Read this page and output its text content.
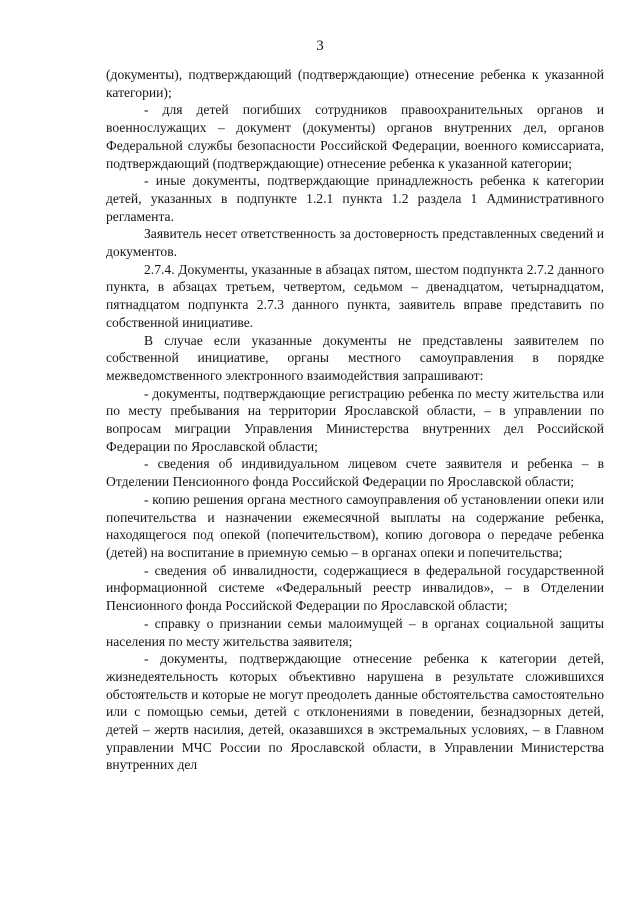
3

(документы), подтверждающий (подтверждающие) отнесение ребенка к указанной категории);

- для детей погибших сотрудников правоохранительных органов и военнослужащих – документ (документы) органов внутренних дел, органов Федеральной службы безопасности Российской Федерации, военного комиссариата, подтверждающий (подтверждающие) отнесение ребенка к указанной категории;

- иные документы, подтверждающие принадлежность ребенка к категории детей, указанных в подпункте 1.2.1 пункта 1.2 раздела 1 Административного регламента.

Заявитель несет ответственность за достоверность представленных сведений и документов.

2.7.4. Документы, указанные в абзацах пятом, шестом подпункта 2.7.2 данного пункта, в абзацах третьем, четвертом, седьмом – двенадцатом, четырнадцатом, пятнадцатом подпункта 2.7.3 данного пункта, заявитель вправе представить по собственной инициативе.

В случае если указанные документы не представлены заявителем по собственной инициативе, органы местного самоуправления в порядке межведомственного электронного взаимодействия запрашивают:

- документы, подтверждающие регистрацию ребенка по месту жительства или по месту пребывания на территории Ярославской области, – в управлении по вопросам миграции Управления Министерства внутренних дел Российской Федерации по Ярославской области;

- сведения об индивидуальном лицевом счете заявителя и ребенка – в Отделении Пенсионного фонда Российской Федерации по Ярославской области;

- копию решения органа местного самоуправления об установлении опеки или попечительства и назначении ежемесячной выплаты на содержание ребенка, находящегося под опекой (попечительством), копию договора о передаче ребенка (детей) на воспитание в приемную семью – в органах опеки и попечительства;

- сведения об инвалидности, содержащиеся в федеральной государственной информационной системе «Федеральный реестр инвалидов», – в Отделении Пенсионного фонда Российской Федерации по Ярославской области;

- справку о признании семьи малоимущей – в органах социальной защиты населения по месту жительства заявителя;

- документы, подтверждающие отнесение ребенка к категории детей, жизнедеятельность которых объективно нарушена в результате сложившихся обстоятельств и которые не могут преодолеть данные обстоятельства самостоятельно или с помощью семьи, детей с отклонениями в поведении, безнадзорных детей, детей – жертв насилия, детей, оказавшихся в экстремальных условиях, – в Главном управлении МЧС России по Ярославской области, в Управлении Министерства внутренних дел
